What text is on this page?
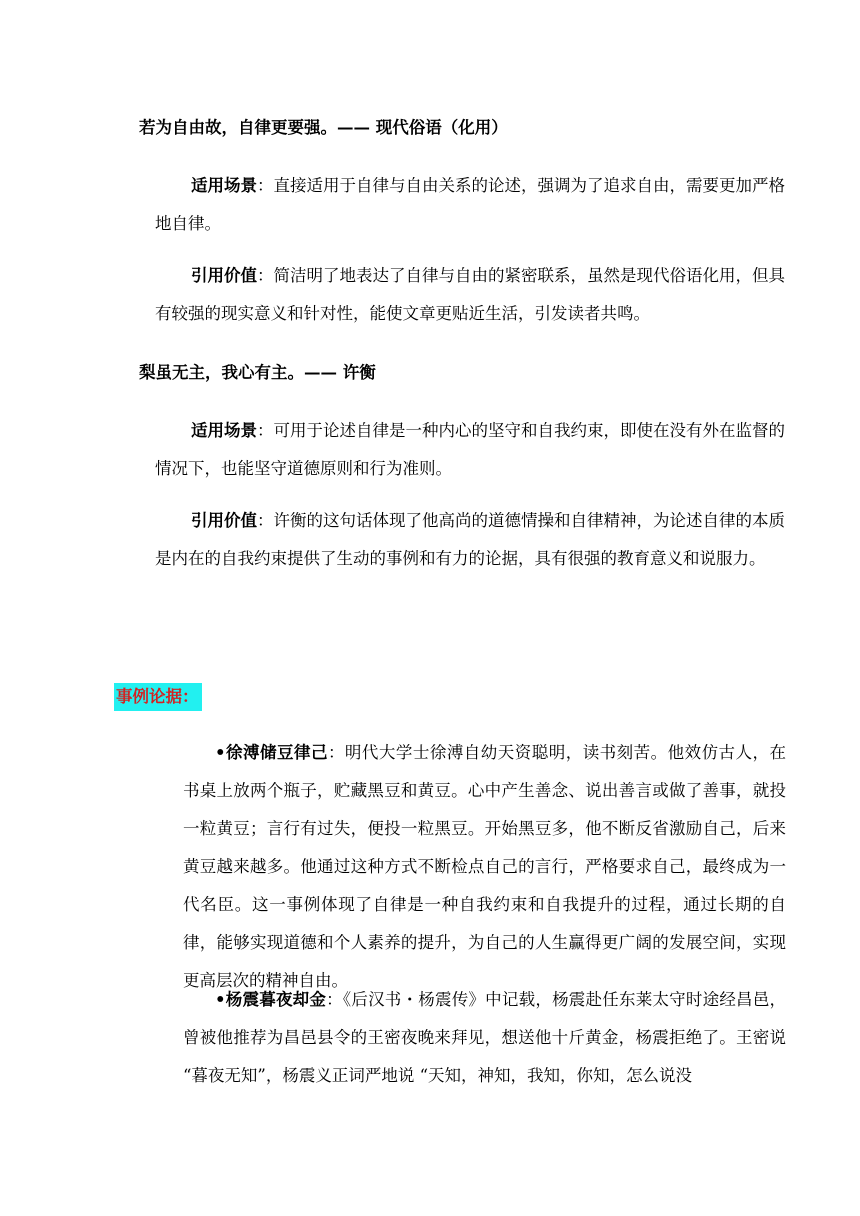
若为自由故，自律更要强。—— 现代俗语（化用）
适用场景：直接适用于自律与自由关系的论述，强调为了追求自由，需要更加严格地自律。
引用价值：简洁明了地表达了自律与自由的紧密联系，虽然是现代俗语化用，但具有较强的现实意义和针对性，能使文章更贴近生活，引发读者共鸣。
梨虽无主，我心有主。—— 许衡
适用场景：可用于论述自律是一种内心的坚守和自我约束，即使在没有外在监督的情况下，也能坚守道德原则和行为准则。
引用价值：许衡的这句话体现了他高尚的道德情操和自律精神，为论述自律的本质是内在的自我约束提供了生动的事例和有力的论据，具有很强的教育意义和说服力。
事例论据：
•徐溥储豆律己：明代大学士徐溥自幼天资聪明，读书刻苦。他效仿古人，在书桌上放两个瓶子，贮藏黑豆和黄豆。心中产生善念、说出善言或做了善事，就投一粒黄豆；言行有过失，便投一粒黑豆。开始黑豆多，他不断反省激励自己，后来黄豆越来越多。他通过这种方式不断检点自己的言行，严格要求自己，最终成为一代名臣。这一事例体现了自律是一种自我约束和自我提升的过程，通过长期的自律，能够实现道德和个人素养的提升，为自己的人生赢得更广阔的发展空间，实现更高层次的精神自由。
•杨震暮夜却金：《后汉书・杨震传》中记载，杨震赴任东莱太守时途经昌邑，曾被他推荐为昌邑县令的王密夜晚来拜见，想送他十斤黄金，杨震拒绝了。王密说 “暮夜无知”，杨震义正词严地说 “天知，神知，我知，你知，怎么说没
